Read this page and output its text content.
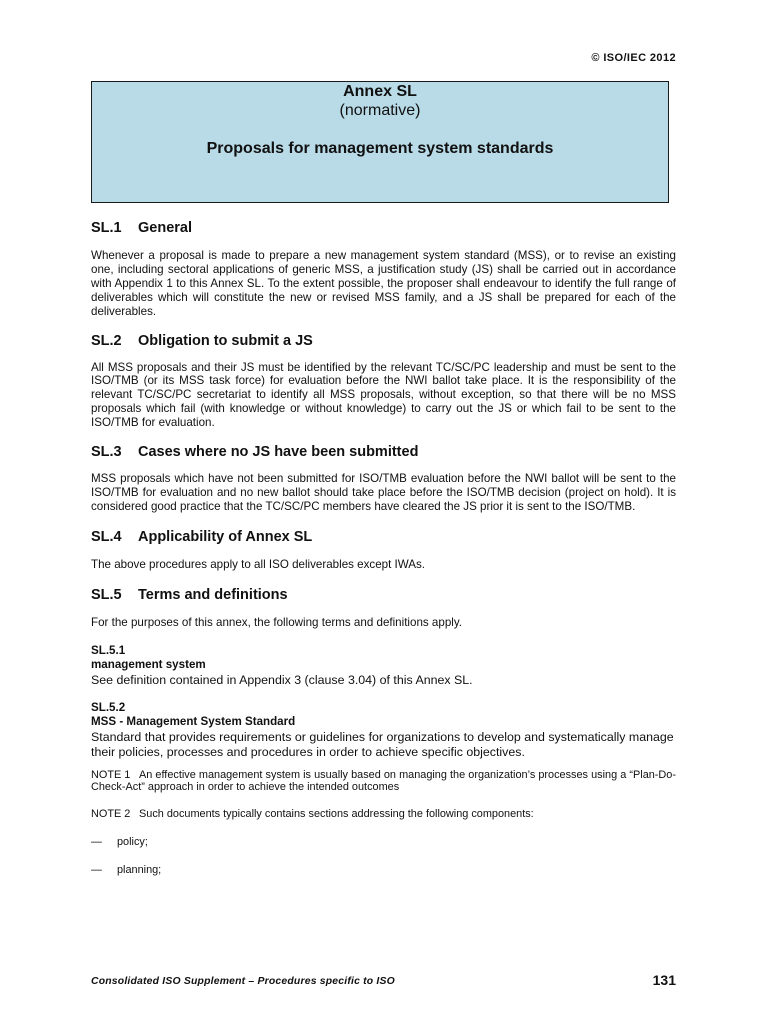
© ISO/IEC 2012
Annex SL
(normative)
Proposals for management system standards
SL.1 General

Whenever a proposal is made to prepare a new management system standard (MSS), or to revise an existing one, including sectoral applications of generic MSS, a justification study (JS) shall be carried out in accordance with Appendix 1 to this Annex SL. To the extent possible, the proposer shall endeavour to identify the full range of deliverables which will constitute the new or revised MSS family, and a JS shall be prepared for each of the deliverables.

SL.2 Obligation to submit a JS

All MSS proposals and their JS must be identified by the relevant TC/SC/PC leadership and must be sent to the ISO/TMB (or its MSS task force) for evaluation before the NWI ballot take place. It is the responsibility of the relevant TC/SC/PC secretariat to identify all MSS proposals, without exception, so that there will be no MSS proposals which fail (with knowledge or without knowledge) to carry out the JS or which fail to be sent to the ISO/TMB for evaluation.

SL.3 Cases where no JS have been submitted

MSS proposals which have not been submitted for ISO/TMB evaluation before the NWI ballot will be sent to the ISO/TMB for evaluation and no new ballot should take place before the ISO/TMB decision (project on hold). It is considered good practice that the TC/SC/PC members have cleared the JS prior it is sent to the ISO/TMB.

SL.4 Applicability of Annex SL

The above procedures apply to all ISO deliverables except IWAs.

SL.5 Terms and definitions

For the purposes of this annex, the following terms and definitions apply.

SL.5.1
management system
See definition contained in Appendix 3 (clause 3.04) of this Annex SL.
SL.5.2
MSS - Management System Standard
Standard that provides requirements or guidelines for organizations to develop and systematically manage their policies, processes and procedures in order to achieve specific objectives.

NOTE 1 An effective management system is usually based on managing the organization’s processes using a “Plan-Do-Check-Act” approach in order to achieve the intended outcomes

NOTE 2 Such documents typically contains sections addressing the following components:

— policy;

— planning;

Consolidated ISO Supplement – Procedures specific to ISO	131
